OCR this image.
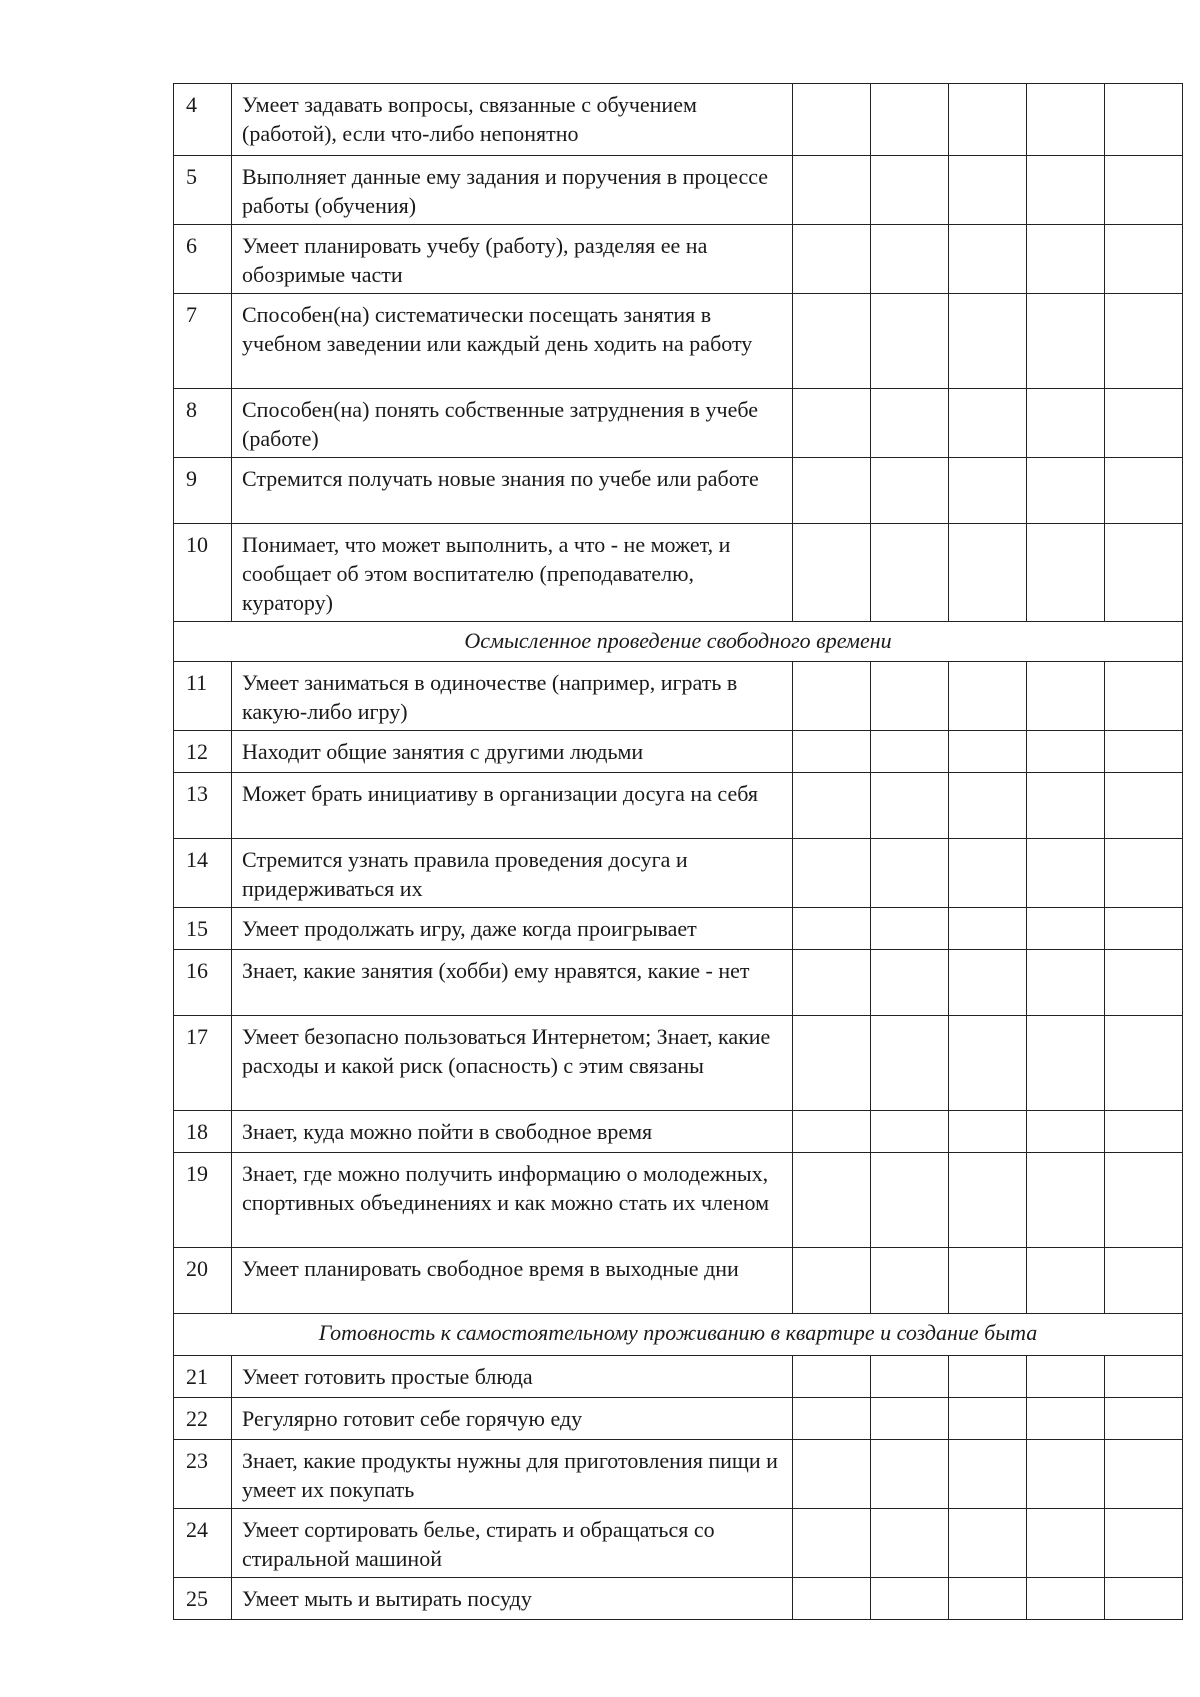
4	Умеет задавать вопросы, связанные с обучением (работой), если что-либо непонятно					
5	Выполняет данные ему задания и поручения в процессе работы (обучения)					
6	Умеет планировать учебу (работу), разделяя ее на обозримые части					
7	Способен(на) систематически посещать занятия в учебном заведении или каждый день ходить на работу					
8	Способен(на) понять собственные затруднения в учебе (работе)					
9	Стремится получать новые знания по учебе или работе					
10	Понимает, что может выполнить, а что - не может, и сообщает об этом воспитателю (преподавателю, куратору)					
Осмысленное проведение свободного времени						
11	Умеет заниматься в одиночестве (например, играть в какую-либо игру)					
12	Находит общие занятия с другими людьми					
13	Может брать инициативу в организации досуга на себя					
14	Стремится узнать правила проведения досуга и придерживаться их					
15	Умеет продолжать игру, даже когда проигрывает					
16	Знает, какие занятия (хобби) ему нравятся, какие - нет					
17	Умеет безопасно пользоваться Интернетом; Знает, какие расходы и какой риск (опасность) с этим связаны					
18	Знает, куда можно пойти в свободное время					
19	Знает, где можно получить информацию о молодежных, спортивных объединениях и как можно стать их членом					
20	Умеет планировать свободное время в выходные дни					
Готовность к самостоятельному проживанию в квартире и создание быта						
21	Умеет готовить простые блюда					
22	Регулярно готовит себе горячую еду					
23	Знает, какие продукты нужны для приготовления пищи и умеет их покупать					
24	Умеет сортировать белье, стирать и обращаться со стиральной машиной					
25	Умеет мыть и вытирать посуду					
